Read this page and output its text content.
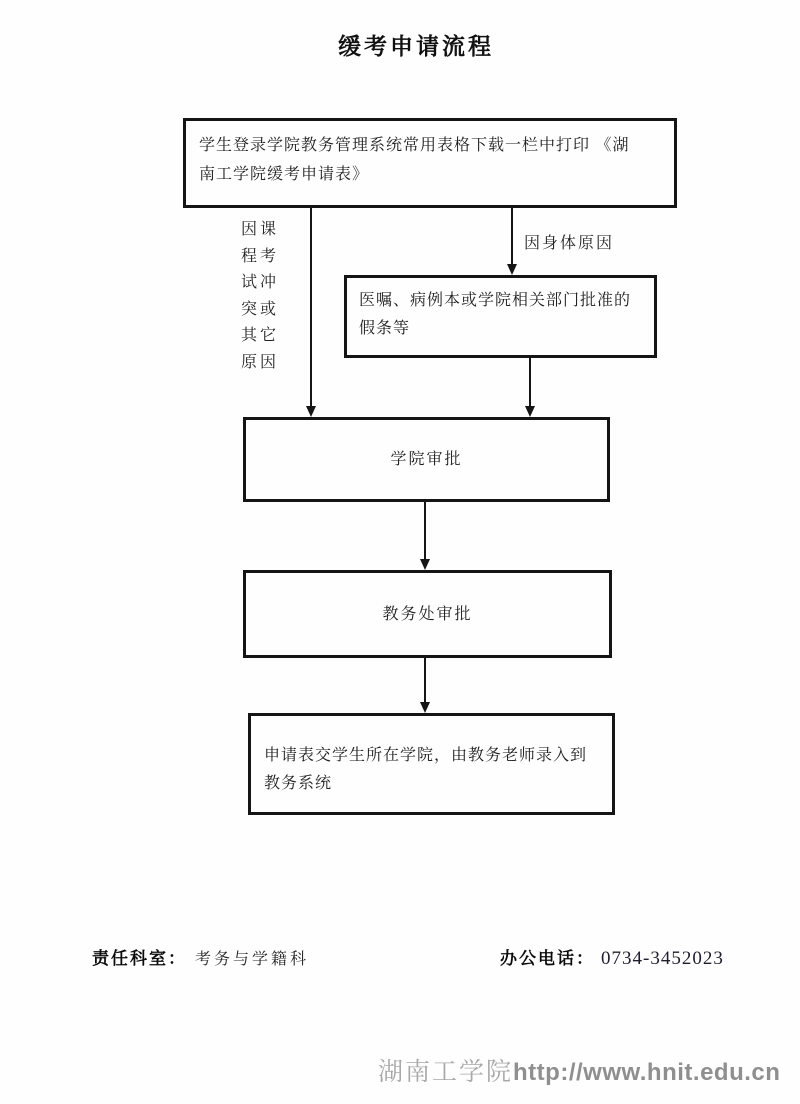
缓考申请流程
学生登录学院教务管理系统常用表格下载一栏中打印 《湖
南工学院缓考申请表》
因课程考试冲突或其它原因
因身体原因
医嘱、病例本或学院相关部门批准的
假条等
学院审批
教务处审批
申请表交学生所在学院，由教务老师录入到
教务系统
责任科室： 考务与学籍科	办公电话： 0734-3452023
湖南工学院http://www.hnit.edu.cn
